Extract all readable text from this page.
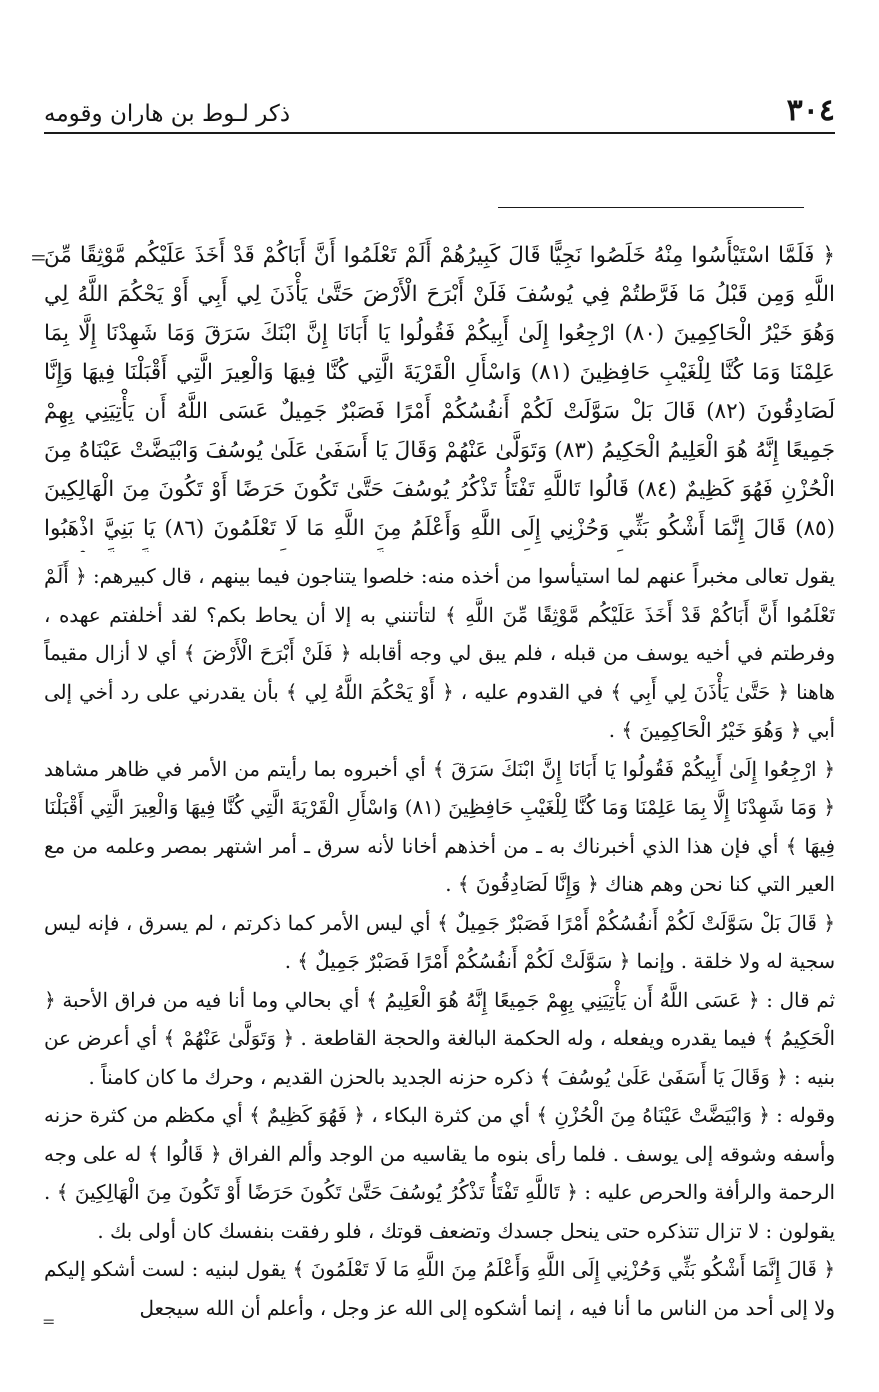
٣٠٤
ذكر لـوط بن هاران وقومه
=
=
﴿ فَلَمَّا اسْتَيْأَسُوا مِنْهُ خَلَصُوا نَجِيًّا قَالَ كَبِيرُهُمْ أَلَمْ تَعْلَمُوا أَنَّ أَبَاكُمْ قَدْ أَخَذَ عَلَيْكُم مَّوْثِقًا مِّنَ اللَّهِ وَمِن قَبْلُ مَا فَرَّطتُمْ فِي يُوسُفَ فَلَنْ أَبْرَحَ الْأَرْضَ حَتَّىٰ يَأْذَنَ لِي أَبِي أَوْ يَحْكُمَ اللَّهُ لِي وَهُوَ خَيْرُ الْحَاكِمِينَ (٨٠) ارْجِعُوا إِلَىٰ أَبِيكُمْ فَقُولُوا يَا أَبَانَا إِنَّ ابْنَكَ سَرَقَ وَمَا شَهِدْنَا إِلَّا بِمَا عَلِمْنَا وَمَا كُنَّا لِلْغَيْبِ حَافِظِينَ (٨١) وَاسْأَلِ الْقَرْيَةَ الَّتِي كُنَّا فِيهَا وَالْعِيرَ الَّتِي أَقْبَلْنَا فِيهَا وَإِنَّا لَصَادِقُونَ (٨٢) قَالَ بَلْ سَوَّلَتْ لَكُمْ أَنفُسُكُمْ أَمْرًا فَصَبْرٌ جَمِيلٌ عَسَى اللَّهُ أَن يَأْتِيَنِي بِهِمْ جَمِيعًا إِنَّهُ هُوَ الْعَلِيمُ الْحَكِيمُ (٨٣) وَتَوَلَّىٰ عَنْهُمْ وَقَالَ يَا أَسَفَىٰ عَلَىٰ يُوسُفَ وَابْيَضَّتْ عَيْنَاهُ مِنَ الْحُزْنِ فَهُوَ كَظِيمٌ (٨٤) قَالُوا تَاللَّهِ تَفْتَأُ تَذْكُرُ يُوسُفَ حَتَّىٰ تَكُونَ حَرَضًا أَوْ تَكُونَ مِنَ الْهَالِكِينَ (٨٥) قَالَ إِنَّمَا أَشْكُو بَثِّي وَحُزْنِي إِلَى اللَّهِ وَأَعْلَمُ مِنَ اللَّهِ مَا لَا تَعْلَمُونَ (٨٦) يَا بَنِيَّ اذْهَبُوا

يقول تعالى مخبراً عنهم لما استيأسوا من أخذه منه: خلصوا يتناجون فيما بينهم ، قال كبيرهم: ﴿ أَلَمْ تَعْلَمُوا أَنَّ أَبَاكُمْ قَدْ أَخَذَ عَلَيْكُم مَّوْثِقًا مِّنَ اللَّهِ ﴾ لتأتنني به إلا أن يحاط بكم؟ لقد أخلفتم عهده ، وفرطتم في أخيه يوسف من قبله ، فلم يبق لي وجه أقابله ﴿ فَلَنْ أَبْرَحَ الْأَرْضَ ﴾ أي لا أزال مقيماً هاهنا ﴿ حَتَّىٰ يَأْذَنَ لِي أَبِي ﴾ في القدوم عليه ، ﴿ أَوْ يَحْكُمَ اللَّهُ لِي ﴾ بأن يقدرني على رد أخي إلى أبي ﴿ وَهُوَ خَيْرُ الْحَاكِمِينَ ﴾ .

﴿ ارْجِعُوا إِلَىٰ أَبِيكُمْ فَقُولُوا يَا أَبَانَا إِنَّ ابْنَكَ سَرَقَ ﴾ أي أخبروه بما رأيتم من الأمر في ظاهر مشاهد ﴿ وَمَا شَهِدْنَا إِلَّا بِمَا عَلِمْنَا وَمَا كُنَّا لِلْغَيْبِ حَافِظِينَ (٨١) وَاسْأَلِ الْقَرْيَةَ الَّتِي كُنَّا فِيهَا وَالْعِيرَ الَّتِي أَقْبَلْنَا فِيهَا ﴾ أي فإن هذا الذي أخبرناك به ـ من أخذهم أخانا لأنه سرق ـ أمر اشتهر بمصر وعلمه من مع العير التي كنا نحن وهم هناك ﴿ وَإِنَّا لَصَادِقُونَ ﴾ .

﴿ قَالَ بَلْ سَوَّلَتْ لَكُمْ أَنفُسُكُمْ أَمْرًا فَصَبْرٌ جَمِيلٌ ﴾ أي ليس الأمر كما ذكرتم ، لم يسرق ، فإنه ليس سجية له ولا خلقة . وإنما ﴿ سَوَّلَتْ لَكُمْ أَنفُسُكُمْ أَمْرًا فَصَبْرٌ جَمِيلٌ ﴾ .

ثم قال : ﴿ عَسَى اللَّهُ أَن يَأْتِيَنِي بِهِمْ جَمِيعًا إِنَّهُ هُوَ الْعَلِيمُ ﴾ أي بحالي وما أنا فيه من فراق الأحبة ﴿ الْحَكِيمُ ﴾ فيما يقدره ويفعله ، وله الحكمة البالغة والحجة القاطعة . ﴿ وَتَوَلَّىٰ عَنْهُمْ ﴾ أي أعرض عن بنيه : ﴿ وَقَالَ يَا أَسَفَىٰ عَلَىٰ يُوسُفَ ﴾ ذكره حزنه الجديد بالحزن القديم ، وحرك ما كان كامناً .

وقوله : ﴿ وَابْيَضَّتْ عَيْنَاهُ مِنَ الْحُزْنِ ﴾ أي من كثرة البكاء ، ﴿ فَهُوَ كَظِيمٌ ﴾ أي مكظم من كثرة حزنه وأسفه وشوقه إلى يوسف . فلما رأى بنوه ما يقاسيه من الوجد وألم الفراق ﴿ قَالُوا ﴾ له على وجه الرحمة والرأفة والحرص عليه : ﴿ تَاللَّهِ تَفْتَأُ تَذْكُرُ يُوسُفَ حَتَّىٰ تَكُونَ حَرَضًا أَوْ تَكُونَ مِنَ الْهَالِكِينَ ﴾ . يقولون : لا تزال تتذكره حتى ينحل جسدك وتضعف قوتك ، فلو رفقت بنفسك كان أولى بك .

﴿ قَالَ إِنَّمَا أَشْكُو بَثِّي وَحُزْنِي إِلَى اللَّهِ وَأَعْلَمُ مِنَ اللَّهِ مَا لَا تَعْلَمُونَ ﴾ يقول لبنيه : لست أشكو إليكم ولا إلى أحد من الناس ما أنا فيه ، إنما أشكوه إلى الله عز وجل ، وأعلم أن الله سيجعل
